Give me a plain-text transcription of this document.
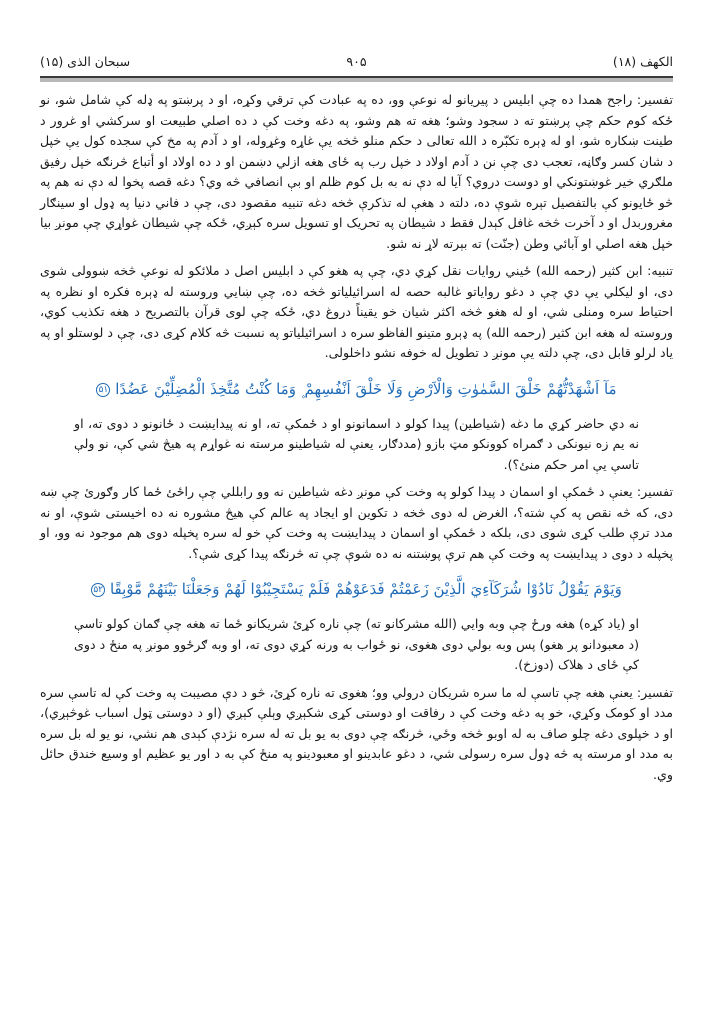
الکهف (۱۸)
۹۰۵
سبحان الذی (۱۵)

تفسیر: راجح همدا ده چې ابلیس د پیریانو له نوعې وو، ده په عبادت کې ترقي وکړه، او د پرښتو په ډله کې شامل شو، نو ځکه کوم حکم چې پرښتو ته د سجود وشو؛ هغه ته هم وشو، په دغه وخت کې د ده اصلي طبیعت او سرکشي او غرور د طینت ښکاره شو، او له ډېره تکبّره د الله تعالی د حکم منلو څخه یې غاړه وغړوله، او د آدم په مخ کې سجده کول یې خپل د شان کسر وګاڼه، تعجب دی چې نن د آدم اولاد د خپل رب په ځای هغه ازلي دښمن او د ده اولاد او أتباع څرنګه خپل رفیق ملګري خیر غوښتونکي او دوست دروي؟ آیا له دې نه به بل کوم ظلم او بې انصافي څه وي؟ دغه قصه پخوا له دې نه هم په څو ځایونو کې بالتفصیل تېره شوې ده، دلته د هغې له تذکرې څخه دغه تنبیه مقصود دی، چې د فاني دنیا په ډول او سینګار مغروربدل او د آخرت څخه غافل کېدل فقط د شیطان په تحریک او تسویل سره کېږي، ځکه چې شیطان غواړي چې مونږ بیا خپل هغه اصلي او آبائي وطن (جنّت) ته بېرته لاړ نه شو.

تنبیه: ابن کثیر (رحمه الله) ځیني روایات نقل کړي دي، چې په هغو کې د ابلیس اصل د ملائکو له نوعې څخه ښوولی شوی دی، او لیکلي یې دي چې د دغو روایاتو غالبه حصه له اسرائیلیاتو څخه ده، چې ښایي وروسته له ډېره فکره او نظره په احتیاط سره ومنلی شي، او له هغو څخه اکثر شیان خو یقیناً دروغ دي، ځکه چې لوی قرآن بالتصریح د هغه تکذیب کوي، وروسته له هغه ابن کثیر (رحمه الله) په ډېرو متینو الفاظو سره د اسرائیلیاتو په نسبت څه کلام کړی دی، چې د لوستلو او په یاد لرلو قابل دی، چې دلته یې مونږ د تطویل له خوفه نشو داخلولی.

مَآ اَشْهَدْتُّهُمْ خَلْقَ السَّمٰوٰتِ وَالْاَرْضِ وَلَا خَلْقَ اَنْفُسِهِمْ ۪ وَمَا كُنْتُ مُتَّخِذَ الْمُضِلِّيْنَ عَضُدًا ۵۱

نه دي حاضر کړي ما دغه (شیاطین) پیدا کولو د اسمانونو او د ځمکې ته، او نه پیدایښت د ځانونو د دوی ته، او نه یم زه نیونکی د ګمراه کوونکو مټ بازو (مددګار، یعنې له شیاطینو مرسته نه غواړم په هیڅ شي کې، نو ولې تاسې یې امر حکم منئ؟).

تفسیر: یعنې د ځمکې او اسمان د پیدا کولو په وخت کې مونږ دغه شیاطین نه وو رابللي چې راځئ ځما کار وګورئ چې ښه دی، که څه نقص په کې شته؟، الغرض له دوی څخه د تکوین او ایجاد په عالم کې هیڅ مشوره نه ده اخیستی شوې، او نه مدد ترې طلب کړی شوی دی، بلکه د ځمکې او اسمان د پیدایښت په وخت کې خو له سره پخپله دوی هم موجود نه وو، او پخپله د دوی د پیدایښت په وخت کې هم ترې پوښتنه نه ده شوې چې ته څرنګه پیدا کړی شې؟.

وَيَوْمَ يَقُوْلُ نَادُوْا شُرَكَآءِيَ الَّذِيْنَ زَعَمْتُمْ فَدَعَوْهُمْ فَلَمْ يَسْتَجِيْبُوْا لَهُمْ وَجَعَلْنَا بَيْنَهُمْ مَّوْبِقًا ۵۲

او (یاد کړه) هغه ورځ چې وبه وایي (الله مشرکانو ته) چې ناره کړئ شریکانو ځما ته هغه چې ګمان کولو تاسې (د معبودانو پر هغو) پس وبه بولي دوی هغوی، نو ځواب به ورنه کړي دوی ته، او وبه ګرځوو مونږ په منځ د دوی کې ځای د هلاک (دوزخ).

تفسیر: یعنې هغه چې تاسې له ما سره شریکان درولي وو؛ هغوی ته ناره کړئ، څو د دې مصیبت په وخت کې له تاسې سره مدد او کومک وکړي، خو په دغه وخت کې د رفاقت او دوستی کړی شکېږي وېلې کېږي (او د دوستی ټول اسباب غوڅېږي)، او د خپلوی دغه چلو صاف به له اوبو څخه وځي، څرنګه چې دوی به یو بل ته له سره نژدې کېدی هم نشي، نو یو له بل سره به مدد او مرسته په څه ډول سره رسولی شي، د دغو عابدینو او معبودینو په منځ کې به د اور یو عظیم او وسیع خندق حائل وي.
